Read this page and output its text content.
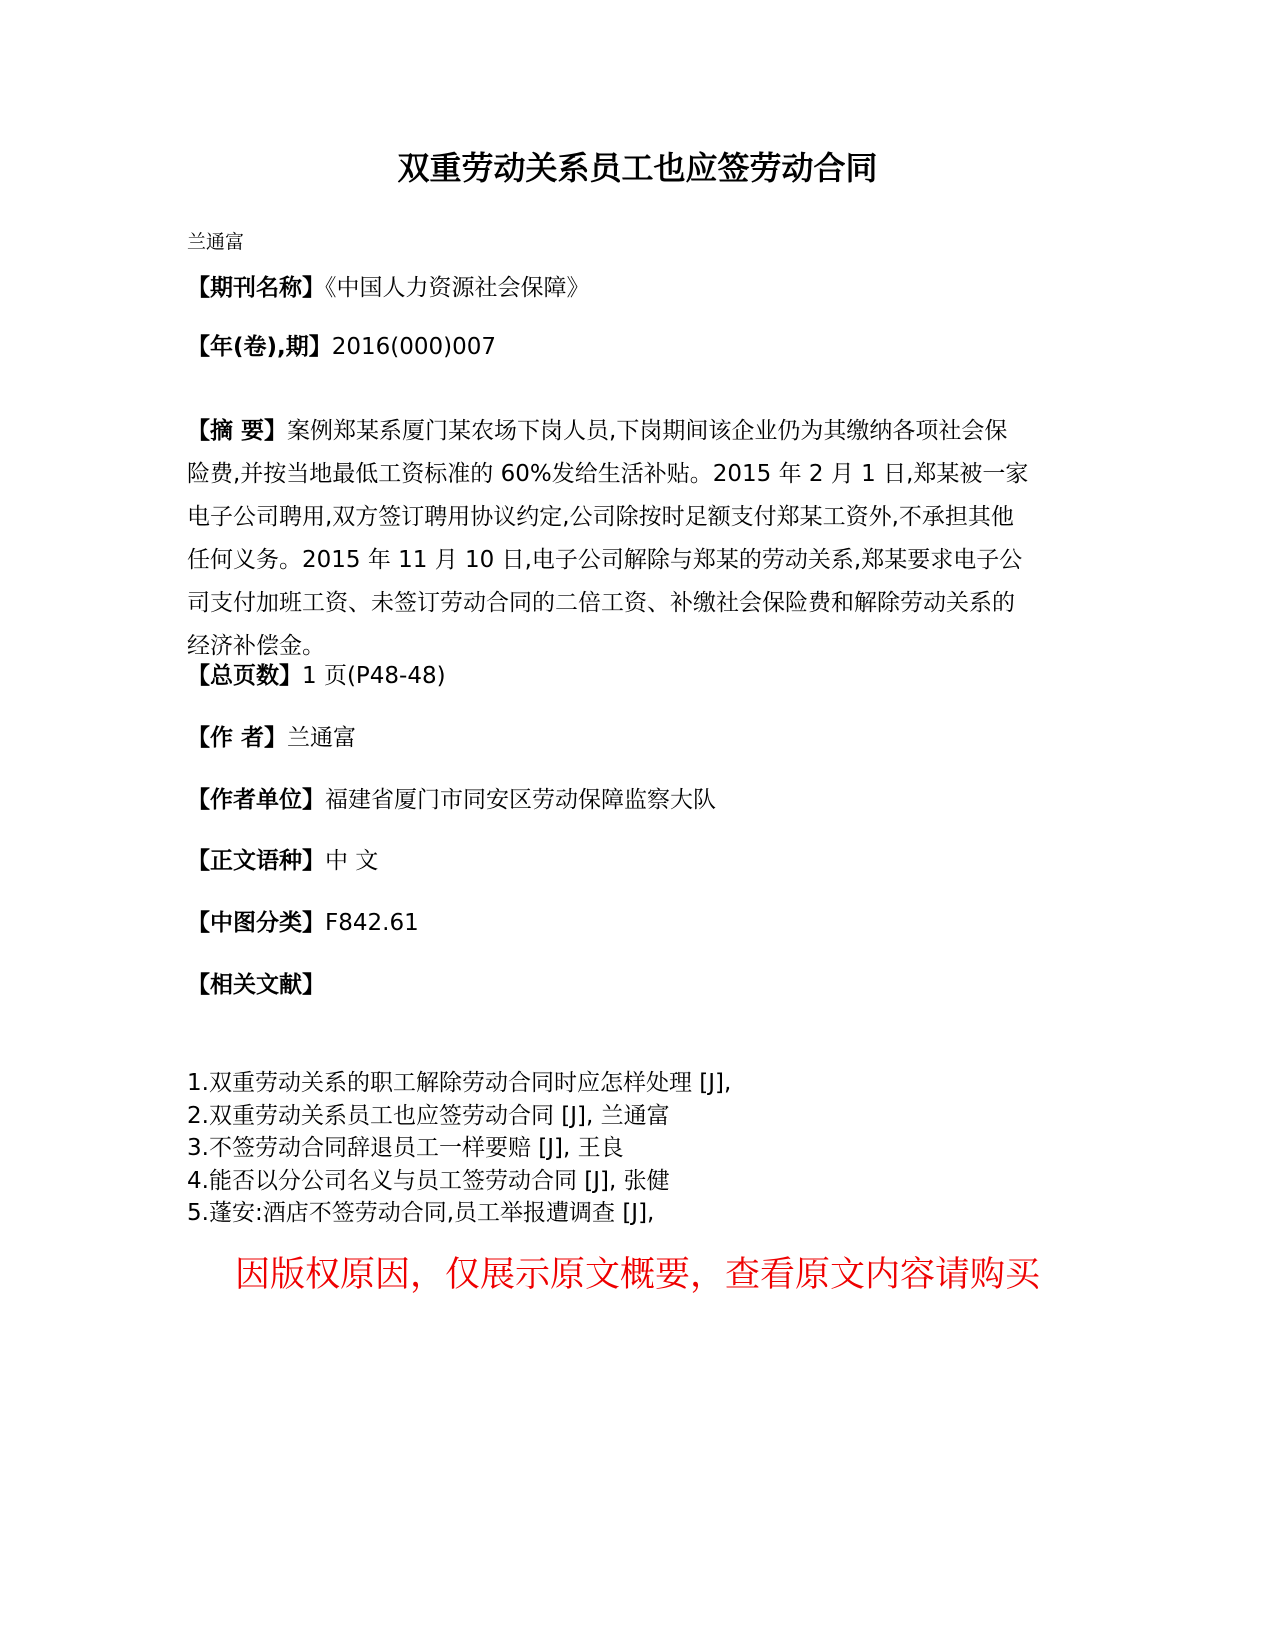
双重劳动关系员工也应签劳动合同
兰通富
【期刊名称】《中国人力资源社会保障》
【年(卷),期】2016(000)007
【摘 要】案例郑某系厦门某农场下岗人员,下岗期间该企业仍为其缴纳各项社会保
险费,并按当地最低工资标准的 60%发给生活补贴。2015 年 2 月 1 日,郑某被一家
电子公司聘用,双方签订聘用协议约定,公司除按时足额支付郑某工资外,不承担其他
任何义务。2015 年 11 月 10 日,电子公司解除与郑某的劳动关系,郑某要求电子公
司支付加班工资、未签订劳动合同的二倍工资、补缴社会保险费和解除劳动关系的
经济补偿金。
【总页数】1 页(P48-48)
【作 者】兰通富
【作者单位】福建省厦门市同安区劳动保障监察大队
【正文语种】中 文
【中图分类】F842.61
【相关文献】
1.双重劳动关系的职工解除劳动合同时应怎样处理 [J],
2.双重劳动关系员工也应签劳动合同 [J], 兰通富
3.不签劳动合同辞退员工一样要赔 [J], 王良
4.能否以分公司名义与员工签劳动合同 [J], 张健
5.蓬安:酒店不签劳动合同,员工举报遭调查 [J],
因版权原因，仅展示原文概要，查看原文内容请购买
